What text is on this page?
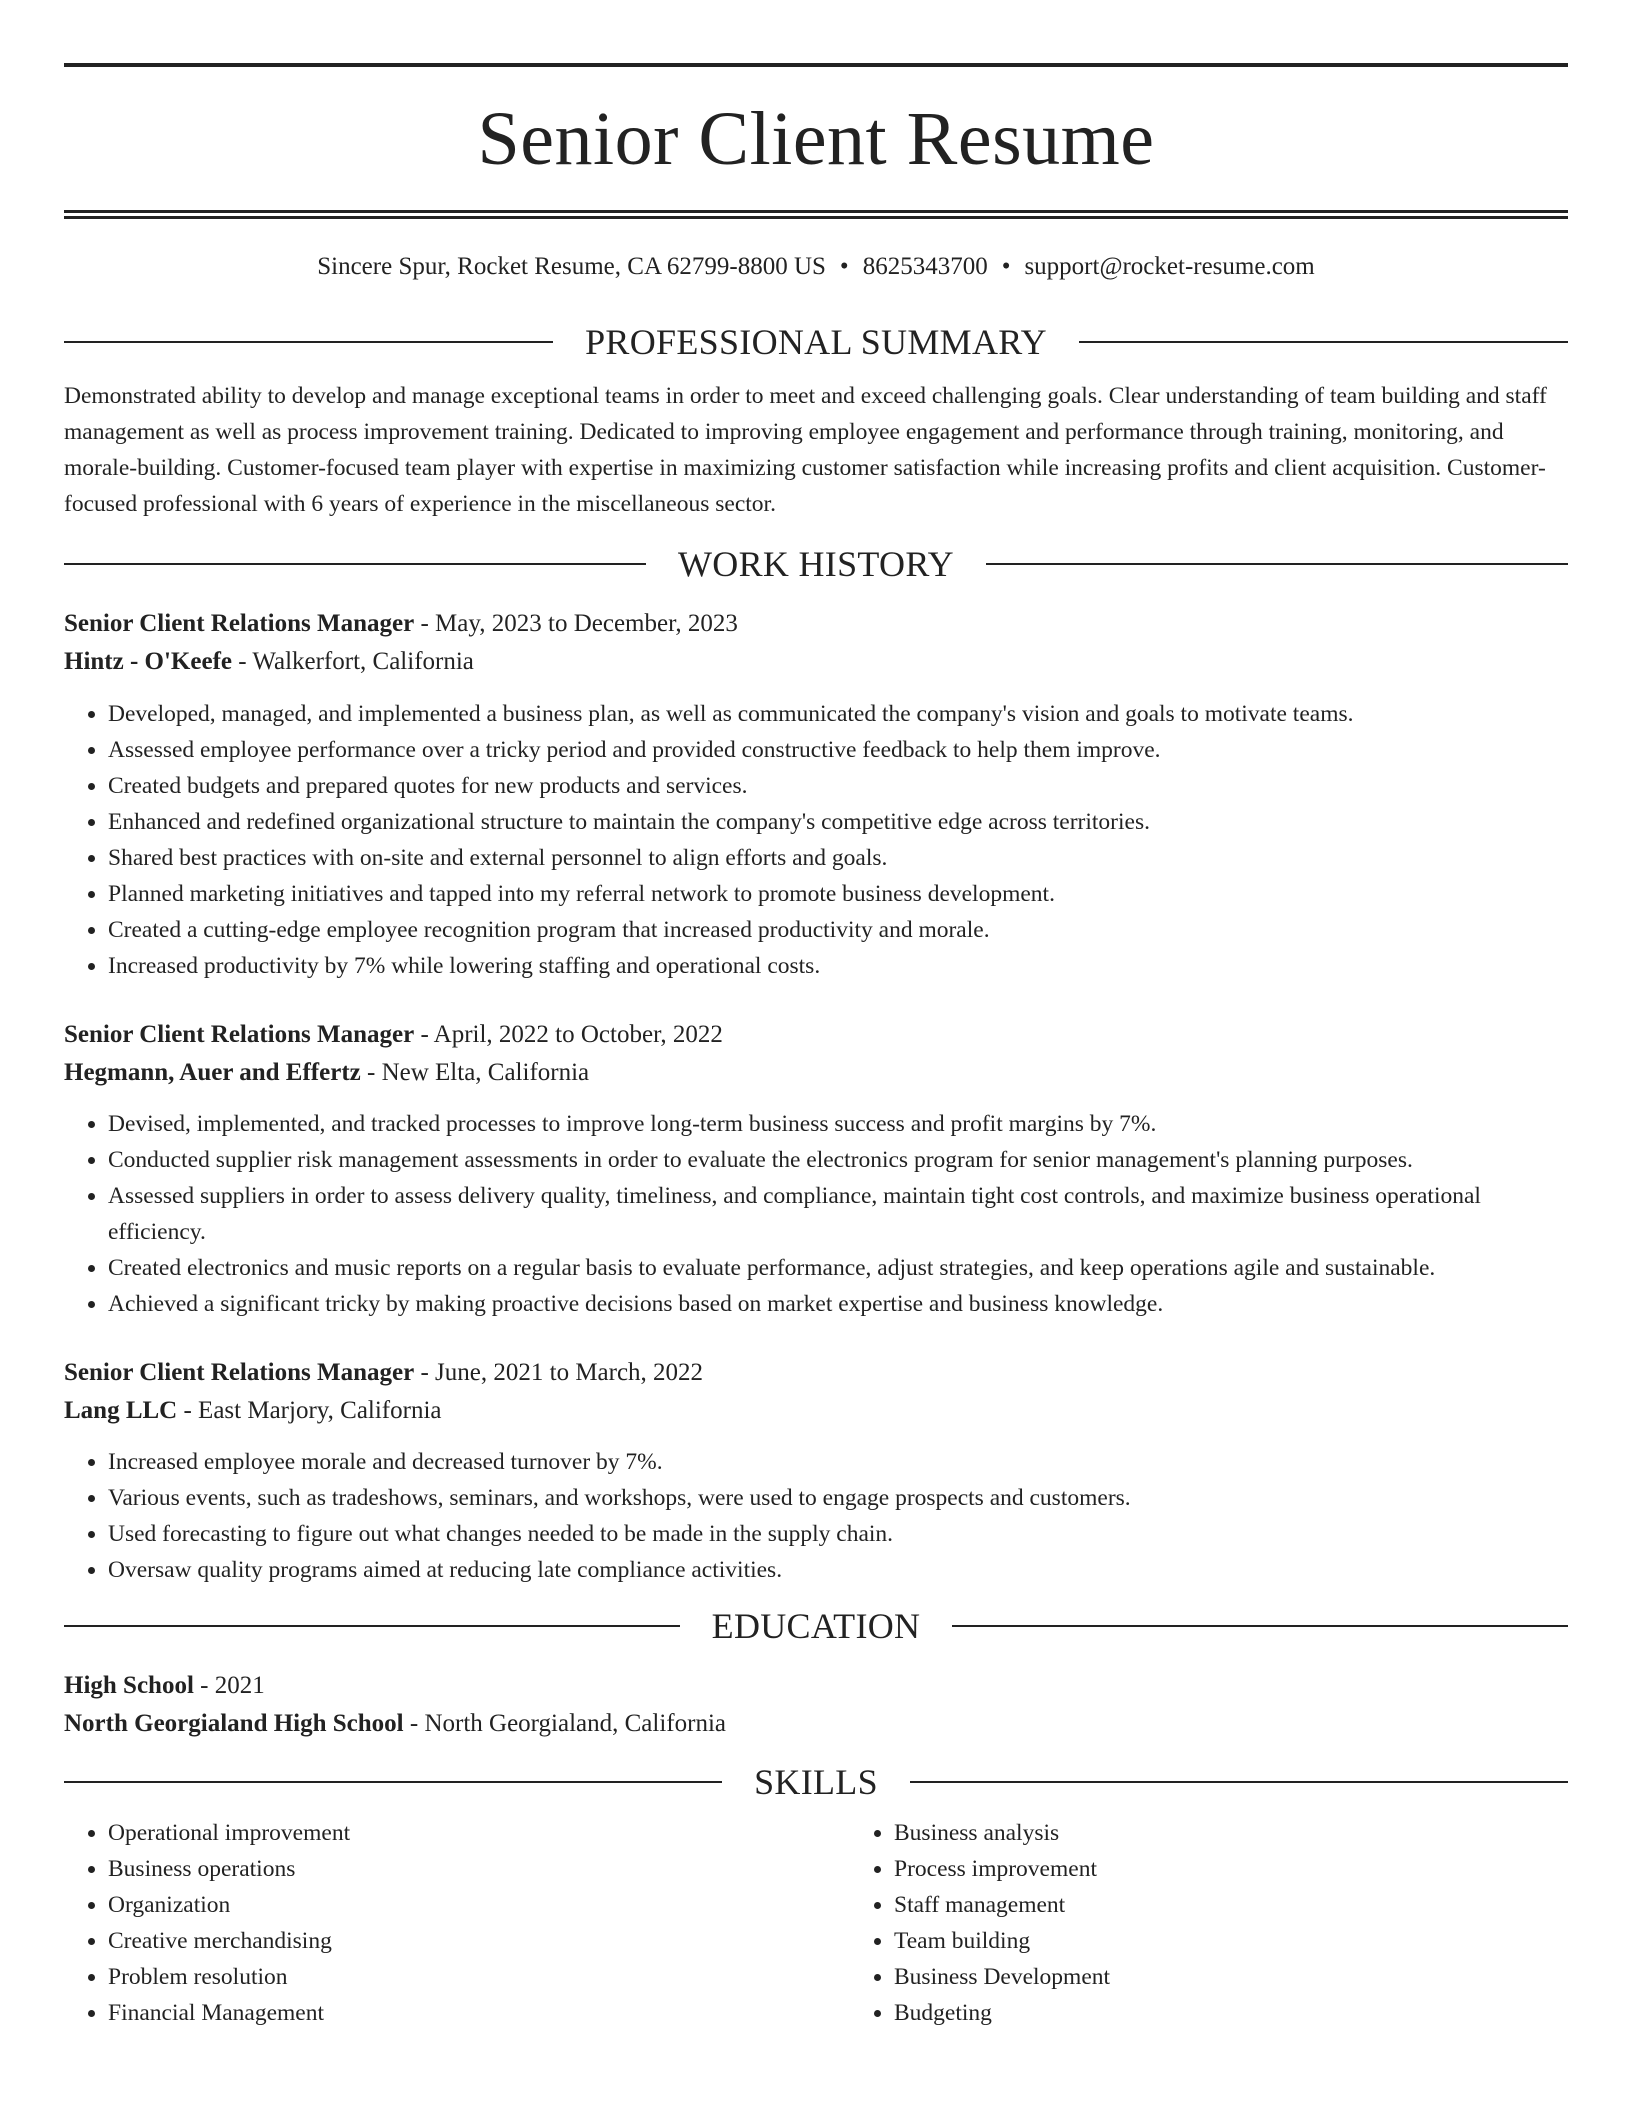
Senior Client Resume
Sincere Spur, Rocket Resume, CA 62799-8800 US • 8625343700 • support@rocket-resume.com
PROFESSIONAL SUMMARY

Demonstrated ability to develop and manage exceptional teams in order to meet and exceed challenging goals. Clear understanding of team building and staff management as well as process improvement training. Dedicated to improving employee engagement and performance through training, monitoring, and morale-building. Customer-focused team player with expertise in maximizing customer satisfaction while increasing profits and client acquisition. Customer-focused professional with 6 years of experience in the miscellaneous sector.

WORK HISTORY
Senior Client Relations Manager - May, 2023 to December, 2023
Hintz - O'Keefe - Walkerfort, California
• Developed, managed, and implemented a business plan, as well as communicated the company's vision and goals to motivate teams.
• Assessed employee performance over a tricky period and provided constructive feedback to help them improve.
• Created budgets and prepared quotes for new products and services.
• Enhanced and redefined organizational structure to maintain the company's competitive edge across territories.
• Shared best practices with on-site and external personnel to align efforts and goals.
• Planned marketing initiatives and tapped into my referral network to promote business development.
• Created a cutting-edge employee recognition program that increased productivity and morale.
• Increased productivity by 7% while lowering staffing and operational costs.
Senior Client Relations Manager - April, 2022 to October, 2022
Hegmann, Auer and Effertz - New Elta, California
• Devised, implemented, and tracked processes to improve long-term business success and profit margins by 7%.
• Conducted supplier risk management assessments in order to evaluate the electronics program for senior management's planning purposes.
• Assessed suppliers in order to assess delivery quality, timeliness, and compliance, maintain tight cost controls, and maximize business operational efficiency.
• Created electronics and music reports on a regular basis to evaluate performance, adjust strategies, and keep operations agile and sustainable.
• Achieved a significant tricky by making proactive decisions based on market expertise and business knowledge.
Senior Client Relations Manager - June, 2021 to March, 2022
Lang LLC - East Marjory, California
• Increased employee morale and decreased turnover by 7%.
• Various events, such as tradeshows, seminars, and workshops, were used to engage prospects and customers.
• Used forecasting to figure out what changes needed to be made in the supply chain.
• Oversaw quality programs aimed at reducing late compliance activities.
EDUCATION
High School - 2021
North Georgialand High School - North Georgialand, California
SKILLS
• Operational improvement
• Business operations
• Organization
• Creative merchandising
• Problem resolution
• Financial Management
• Business analysis
• Process improvement
• Staff management
• Team building
• Business Development
• Budgeting
